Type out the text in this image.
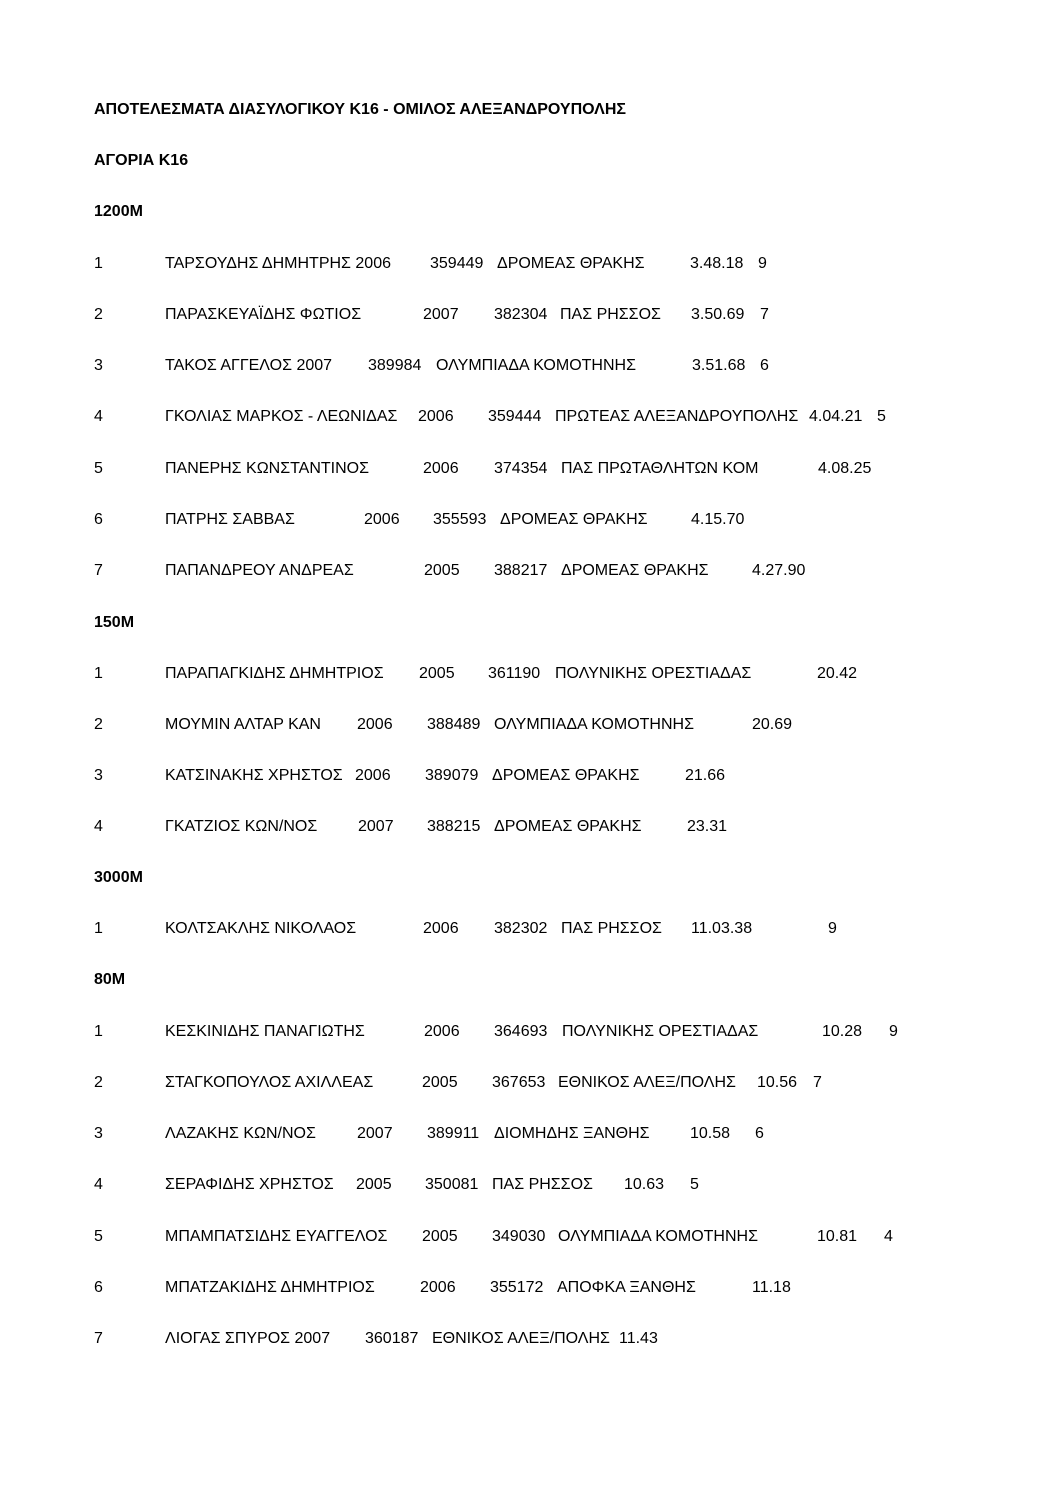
ΑΠΟΤΕΛΕΣΜΑΤΑ ΔΙΑΣΥΛΟΓΙΚΟΥ Κ16 - ΟΜΙΛΟΣ ΑΛΕΞΑΝΔΡΟΥΠΟΛΗΣ

ΑΓΟΡΙΑ Κ16

1200Μ
1	ΤΑΡΣΟΥΔΗΣ ΔΗΜΗΤΡΗΣ 2006 359449 ΔΡΟΜΕΑΣ ΘΡΑΚΗΣ	3.48.18 9
2	ΠΑΡΑΣΚΕΥΑΪΔΗΣ ΦΩΤΙΟΣ	2007 382304 ΠΑΣ ΡΗΣΣΟΣ 3.50.69 7
3	ΤΑΚΟΣ ΑΓΓΕΛΟΣ 2007 389984 ΟΛΥΜΠΙΑΔΑ ΚΟΜΟΤΗΝΗΣ	3.51.68 6
4	ΓΚΟΛΙΑΣ ΜΑΡΚΟΣ - ΛΕΩΝΙΔΑΣ 2006 359444 ΠΡΩΤΕΑΣ ΑΛΕΞΑΝΔΡΟΥΠΟΛΗΣ 4.04.21 5
5	ΠΑΝΕΡΗΣ ΚΩΝΣΤΑΝΤΙΝΟΣ	2006 374354 ΠΑΣ ΠΡΩΤΑΘΛΗΤΩΝ ΚΟΜ	4.08.25
6	ΠΑΤΡΗΣ ΣΑΒΒΑΣ	2006 355593 ΔΡΟΜΕΑΣ ΘΡΑΚΗΣ	4.15.70
7	ΠΑΠΑΝΔΡΕΟΥ ΑΝΔΡΕΑΣ	2005 388217 ΔΡΟΜΕΑΣ ΘΡΑΚΗΣ	4.27.90
150Μ
1	ΠΑΡΑΠΑΓΚΙΔΗΣ ΔΗΜΗΤΡΙΟΣ 2005 361190 ΠΟΛΥΝΙΚΗΣ ΟΡΕΣΤΙΑΔΑΣ	20.42
2	ΜΟΥΜΙΝ ΑΛΤΑΡ ΚΑΝ 2006 388489 ΟΛΥΜΠΙΑΔΑ ΚΟΜΟΤΗΝΗΣ	20.69
3	ΚΑΤΣΙΝΑΚΗΣ ΧΡΗΣΤΟΣ 2006 389079 ΔΡΟΜΕΑΣ ΘΡΑΚΗΣ	21.66
4	ΓΚΑΤΖΙΟΣ ΚΩΝ/ΝΟΣ	2007 388215 ΔΡΟΜΕΑΣ ΘΡΑΚΗΣ	23.31
3000Μ
1	ΚΟΛΤΣΑΚΛΗΣ ΝΙΚΟΛΑΟΣ	2006 382302 ΠΑΣ ΡΗΣΣΟΣ 11.03.38	9
80Μ
1	ΚΕΣΚΙΝΙΔΗΣ ΠΑΝΑΓΙΩΤΗΣ	2006 364693 ΠΟΛΥΝΙΚΗΣ ΟΡΕΣΤΙΑΔΑΣ	10.28 9
2	ΣΤΑΓΚΟΠΟΥΛΟΣ ΑΧΙΛΛΕΑΣ	2005 367653 ΕΘΝΙΚΟΣ ΑΛΕΞ/ΠΟΛΗΣ 10.56 7
3	ΛΑΖΑΚΗΣ ΚΩΝ/ΝΟΣ	2007 389911 ΔΙΟΜΗΔΗΣ ΞΑΝΘΗΣ	10.58 6
4	ΣΕΡΑΦΙΔΗΣ ΧΡΗΣΤΟΣ 2005 350081 ΠΑΣ ΡΗΣΣΟΣ 10.63 5
5	ΜΠΑΜΠΑΤΣΙΔΗΣ ΕΥΑΓΓΕΛΟΣ 2005 349030 ΟΛΥΜΠΙΑΔΑ ΚΟΜΟΤΗΝΗΣ	10.81 4
6	ΜΠΑΤΖΑΚΙΔΗΣ ΔΗΜΗΤΡΙΟΣ	2006 355172 ΑΠΟΦΚΑ ΞΑΝΘΗΣ	11.18
7	ΛΙΟΓΑΣ ΣΠΥΡΟΣ 2007 360187 ΕΘΝΙΚΟΣ ΑΛΕΞ/ΠΟΛΗΣ 11.43
